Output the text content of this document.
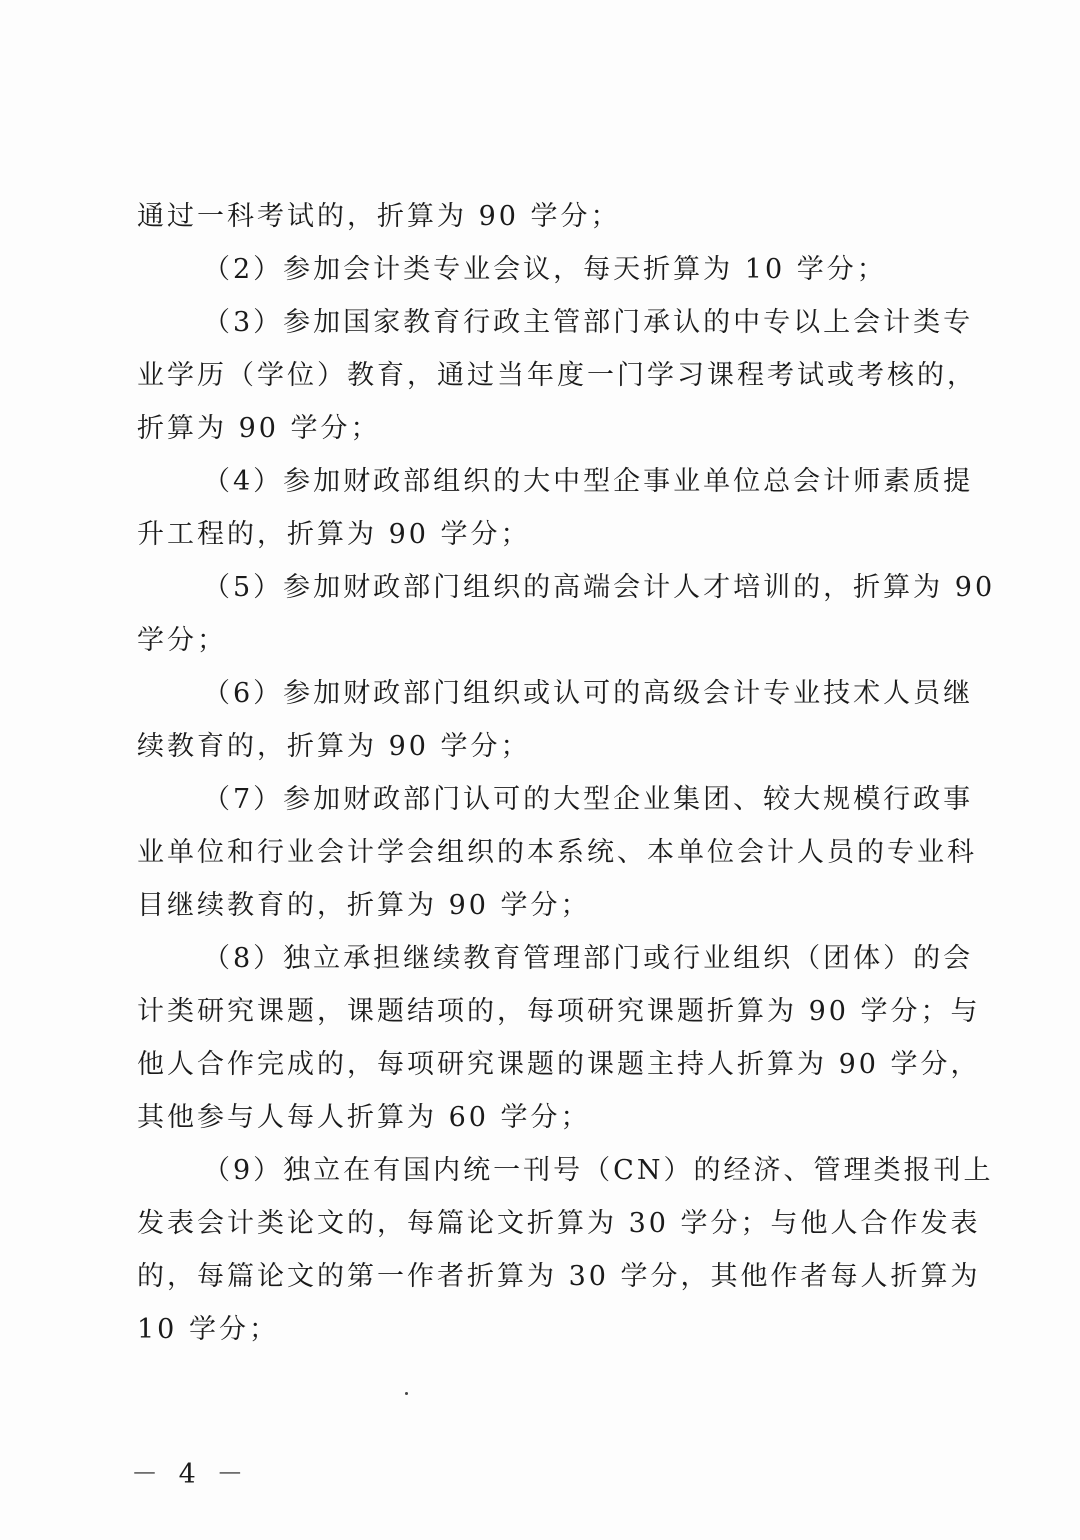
通过一科考试的，折算为 90 学分；
（2）参加会计类专业会议，每天折算为 10 学分；
（3）参加国家教育行政主管部门承认的中专以上会计类专
业学历（学位）教育，通过当年度一门学习课程考试或考核的，
折算为 90 学分；
（4）参加财政部组织的大中型企事业单位总会计师素质提
升工程的，折算为 90 学分；
（5）参加财政部门组织的高端会计人才培训的，折算为 90
学分；
（6）参加财政部门组织或认可的高级会计专业技术人员继
续教育的，折算为 90 学分；
（7）参加财政部门认可的大型企业集团、较大规模行政事
业单位和行业会计学会组织的本系统、本单位会计人员的专业科
目继续教育的，折算为 90 学分；
（8）独立承担继续教育管理部门或行业组织（团体）的会
计类研究课题，课题结项的，每项研究课题折算为 90 学分；与
他人合作完成的，每项研究课题的课题主持人折算为 90 学分，
其他参与人每人折算为 60 学分；
（9）独立在有国内统一刊号（CN）的经济、管理类报刊上
发表会计类论文的，每篇论文折算为 30 学分；与他人合作发表
的，每篇论文的第一作者折算为 30 学分，其他作者每人折算为
10 学分；
－ 4 －
